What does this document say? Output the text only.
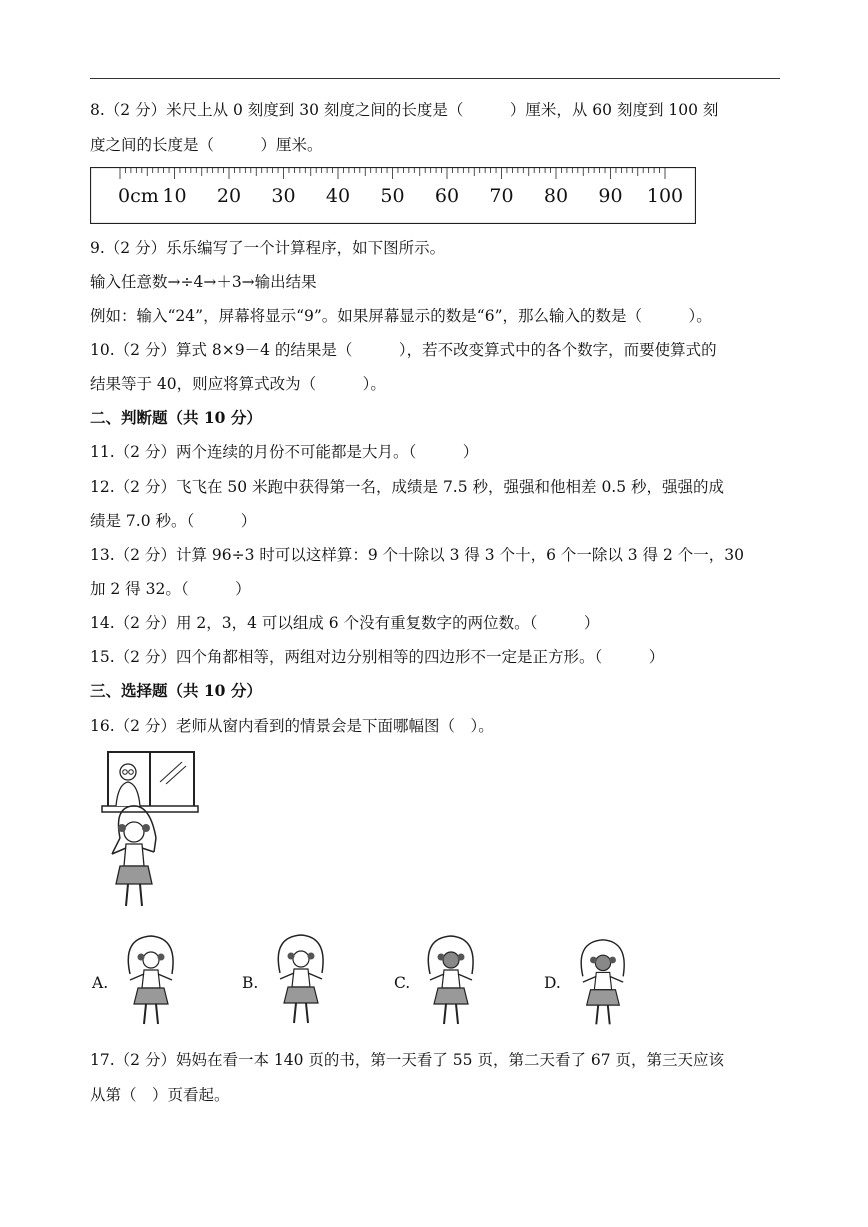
8.（2 分）米尺上从 0 刻度到 30 刻度之间的长度是（　　　）厘米，从 60 刻度到 100 刻
度之间的长度是（　　　）厘米。
0cm 10 20 30 40 50 60 70 80 90 100
9.（2 分）乐乐编写了一个计算程序，如下图所示。
输入任意数→÷4→＋3→输出结果
例如：输入“24”，屏幕将显示“9”。如果屏幕显示的数是“6”，那么输入的数是（　　　）。
10.（2 分）算式 8×9－4 的结果是（　　　），若不改变算式中的各个数字，而要使算式的
结果等于 40，则应将算式改为（　　　）。
二、判断题（共 10 分）
11.（2 分）两个连续的月份不可能都是大月。（　　　）
12.（2 分）飞飞在 50 米跑中获得第一名，成绩是 7.5 秒，强强和他相差 0.5 秒，强强的成
绩是 7.0 秒。（　　　）
13.（2 分）计算 96÷3 时可以这样算：9 个十除以 3 得 3 个十，6 个一除以 3 得 2 个一，30
加 2 得 32。（　　　）
14.（2 分）用 2，3，4 可以组成 6 个没有重复数字的两位数。（　　　）
15.（2 分）四个角都相等，两组对边分别相等的四边形不一定是正方形。（　　　）
三、选择题（共 10 分）
16.（2 分）老师从窗内看到的情景会是下面哪幅图（　）。
A.	B.	C.	D.
17.（2 分）妈妈在看一本 140 页的书，第一天看了 55 页，第二天看了 67 页，第三天应该
从第（　）页看起。
